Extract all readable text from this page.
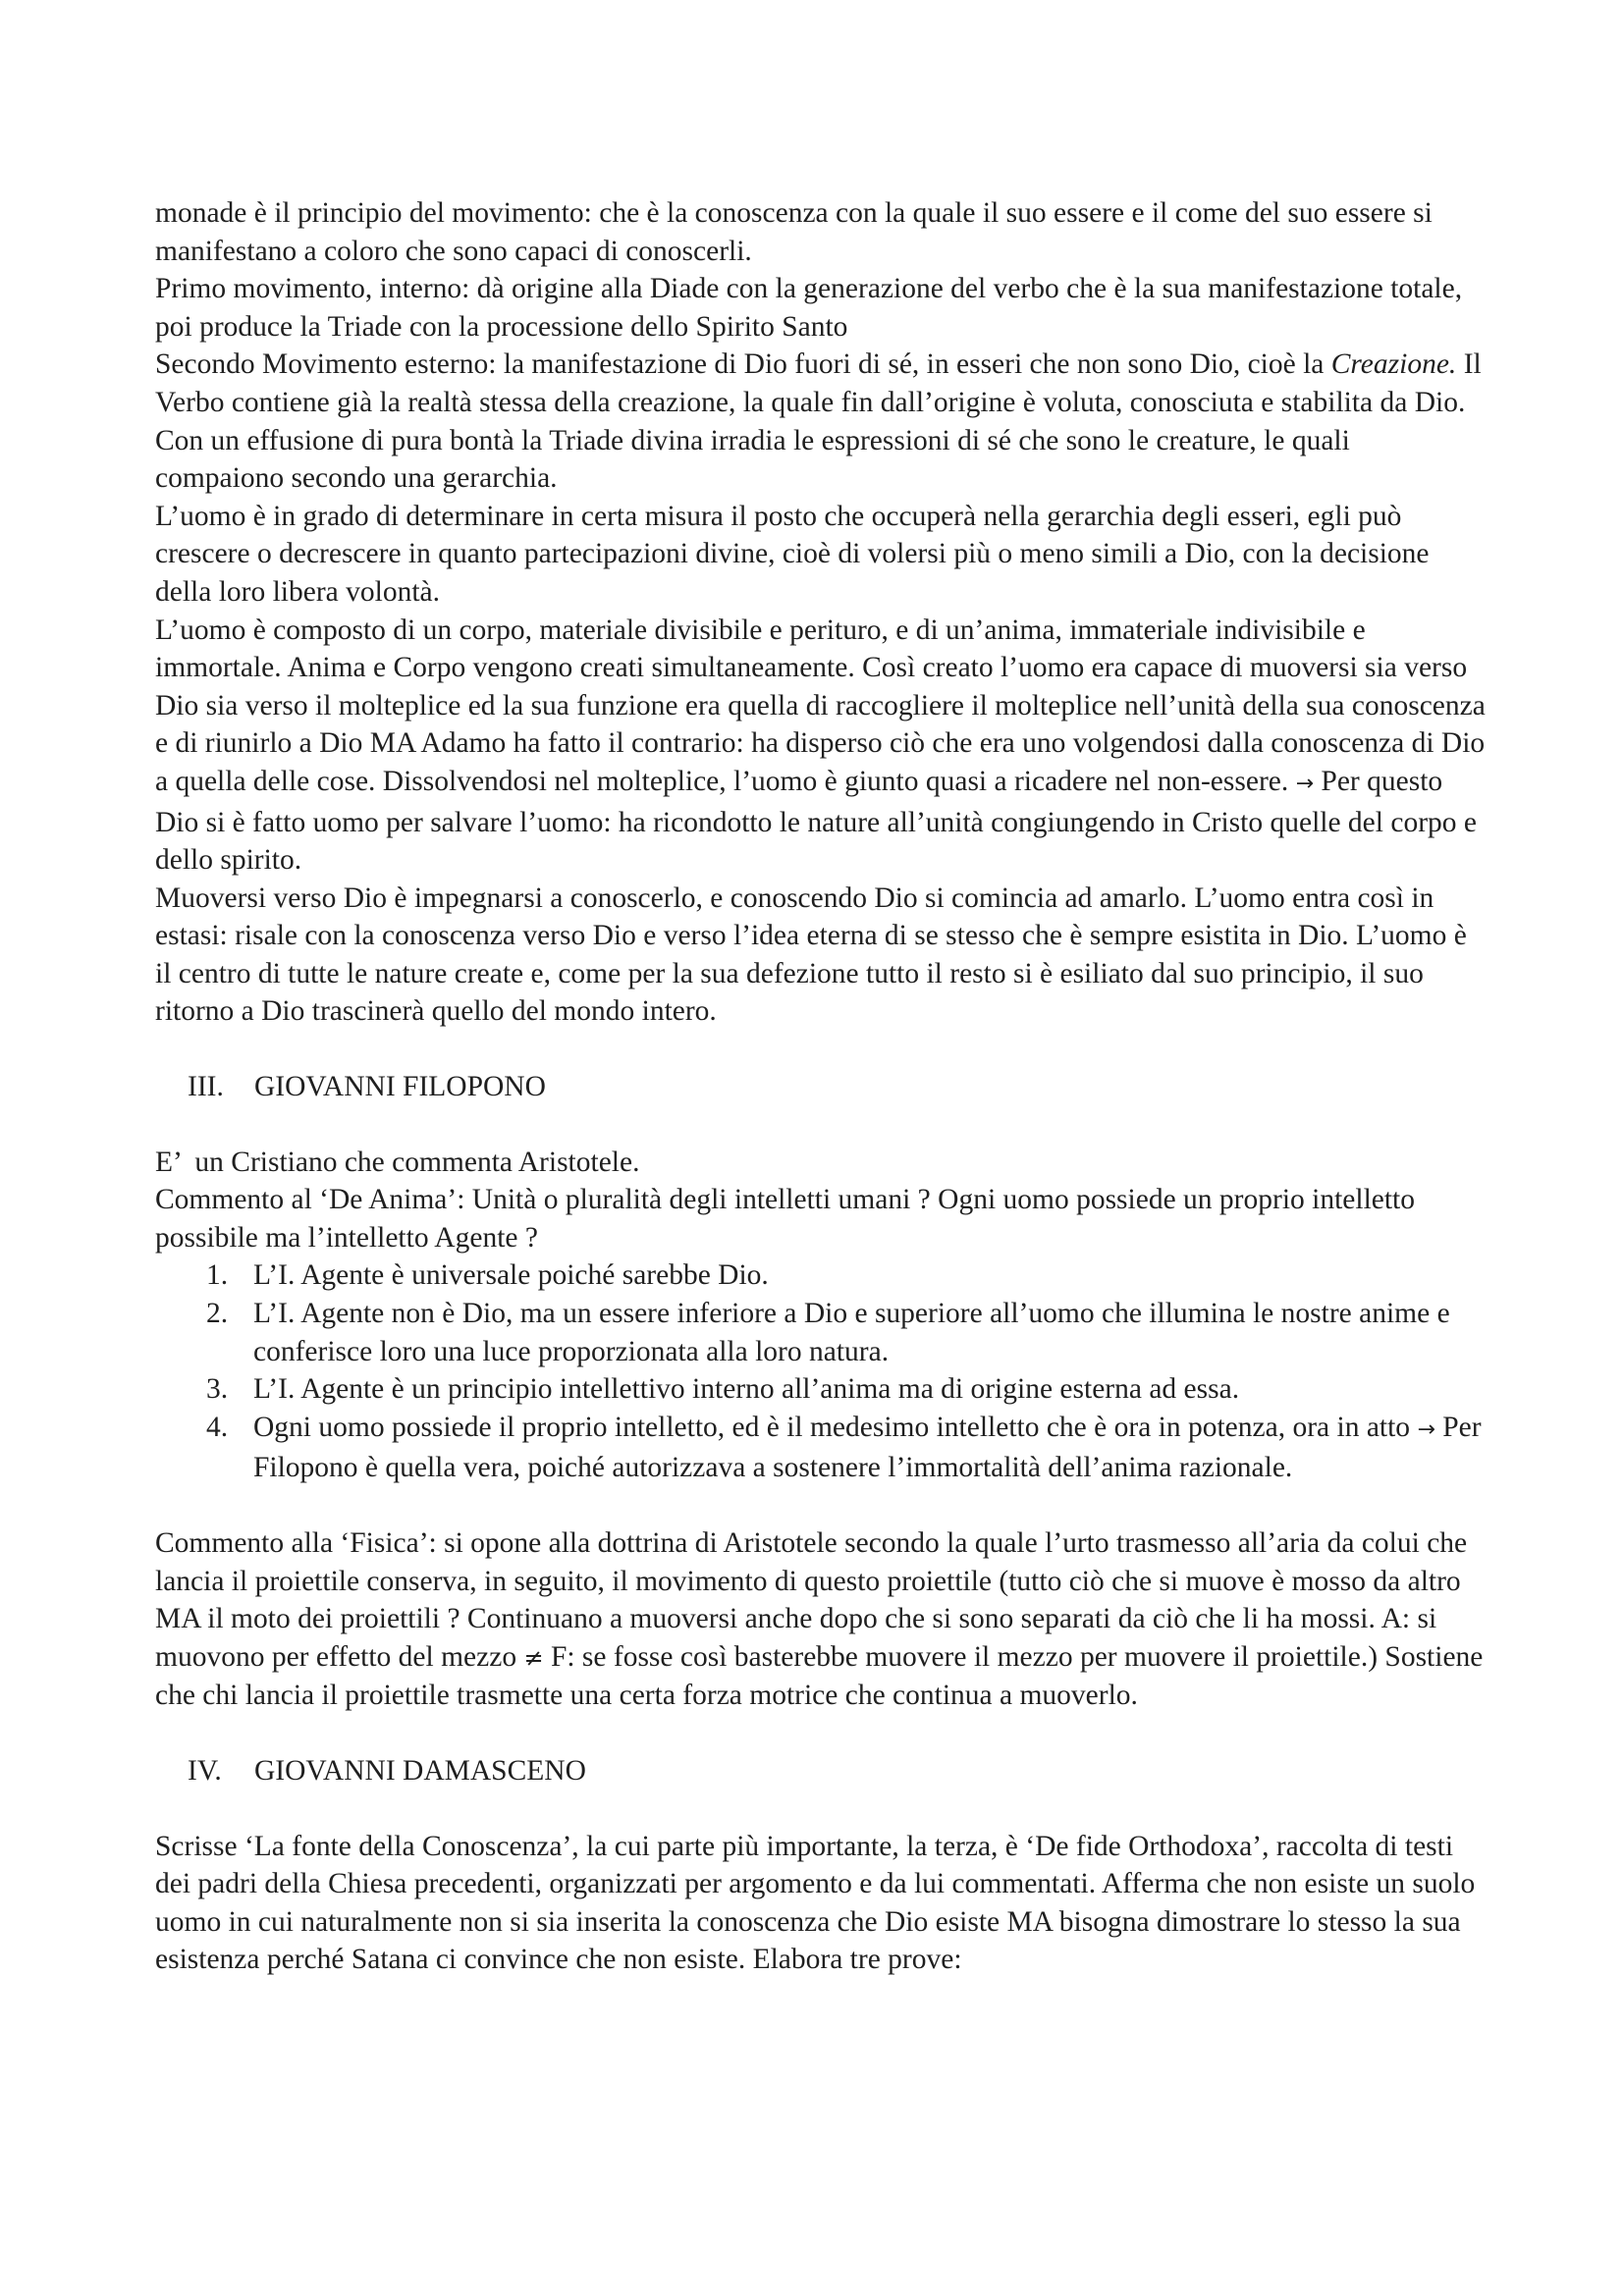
monade è il principio del movimento: che è la conoscenza con la quale il suo essere e il come del suo essere si manifestano a coloro che sono capaci di conoscerli.

Primo movimento, interno: dà origine alla Diade con la generazione del verbo che è la sua manifestazione totale, poi produce la Triade con la processione dello Spirito Santo

Secondo Movimento esterno: la manifestazione di Dio fuori di sé, in esseri che non sono Dio, cioè la Creazione. Il Verbo contiene già la realtà stessa della creazione, la quale fin dall’origine è voluta, conosciuta e stabilita da Dio. Con un effusione di pura bontà la Triade divina irradia le espressioni di sé che sono le creature, le quali compaiono secondo una gerarchia.

L’uomo è in grado di determinare in certa misura il posto che occuperà nella gerarchia degli esseri, egli può crescere o decrescere in quanto partecipazioni divine, cioè di volersi più o meno simili a Dio, con la decisione della loro libera volontà.

L’uomo è composto di un corpo, materiale divisibile e perituro, e di un’anima, immateriale indivisibile e immortale. Anima e Corpo vengono creati simultaneamente. Così creato l’uomo era capace di muoversi sia verso Dio sia verso il molteplice ed la sua funzione era quella di raccogliere il molteplice nell’unità della sua conoscenza e di riunirlo a Dio MA Adamo ha fatto il contrario: ha disperso ciò che era uno volgendosi dalla conoscenza di Dio a quella delle cose. Dissolvendosi nel molteplice, l’uomo è giunto quasi a ricadere nel non-essere. → Per questo Dio si è fatto uomo per salvare l’uomo: ha ricondotto le nature all’unità congiungendo in Cristo quelle del corpo e dello spirito.

Muoversi verso Dio è impegnarsi a conoscerlo, e conoscendo Dio si comincia ad amarlo. L’uomo entra così in estasi: risale con la conoscenza verso Dio e verso l’idea eterna di se stesso che è sempre esistita in Dio. L’uomo è il centro di tutte le nature create e, come per la sua defezione tutto il resto si è esiliato dal suo principio, il suo ritorno a Dio trascinerà quello del mondo intero.

III. GIOVANNI FILOPONO

E’  un Cristiano che commenta Aristotele.

Commento al ‘De Anima’: Unità o pluralità degli intelletti umani ? Ogni uomo possiede un proprio intelletto possibile ma l’intelletto Agente ?

1. L’I. Agente è universale poiché sarebbe Dio.
2. L’I. Agente non è Dio, ma un essere inferiore a Dio e superiore all’uomo che illumina le nostre anime e conferisce loro una luce proporzionata alla loro natura.
3. L’I. Agente è un principio intellettivo interno all’anima ma di origine esterna ad essa.
4. Ogni uomo possiede il proprio intelletto, ed è il medesimo intelletto che è ora in potenza, ora in atto → Per Filopono è quella vera, poiché autorizzava a sostenere l’immortalità dell’anima razionale.

Commento alla ‘Fisica’: si opone alla dottrina di Aristotele secondo la quale l’urto trasmesso all’aria da colui che lancia il proiettile conserva, in seguito, il movimento di questo proiettile (tutto ciò che si muove è mosso da altro MA il moto dei proiettili ? Continuano a muoversi anche dopo che si sono separati da ciò che li ha mossi. A: si muovono per effetto del mezzo ≠ F: se fosse così basterebbe muovere il mezzo per muovere il proiettile.) Sostiene che chi lancia il proiettile trasmette una certa forza motrice che continua a muoverlo.

IV. GIOVANNI DAMASCENO

Scrisse ‘La fonte della Conoscenza’, la cui parte più importante, la terza, è ‘De fide Orthodoxa’, raccolta di testi dei padri della Chiesa precedenti, organizzati per argomento e da lui commentati. Afferma che non esiste un suolo uomo in cui naturalmente non si sia inserita la conoscenza che Dio esiste MA bisogna dimostrare lo stesso la sua esistenza perché Satana ci convince che non esiste. Elabora tre prove:
